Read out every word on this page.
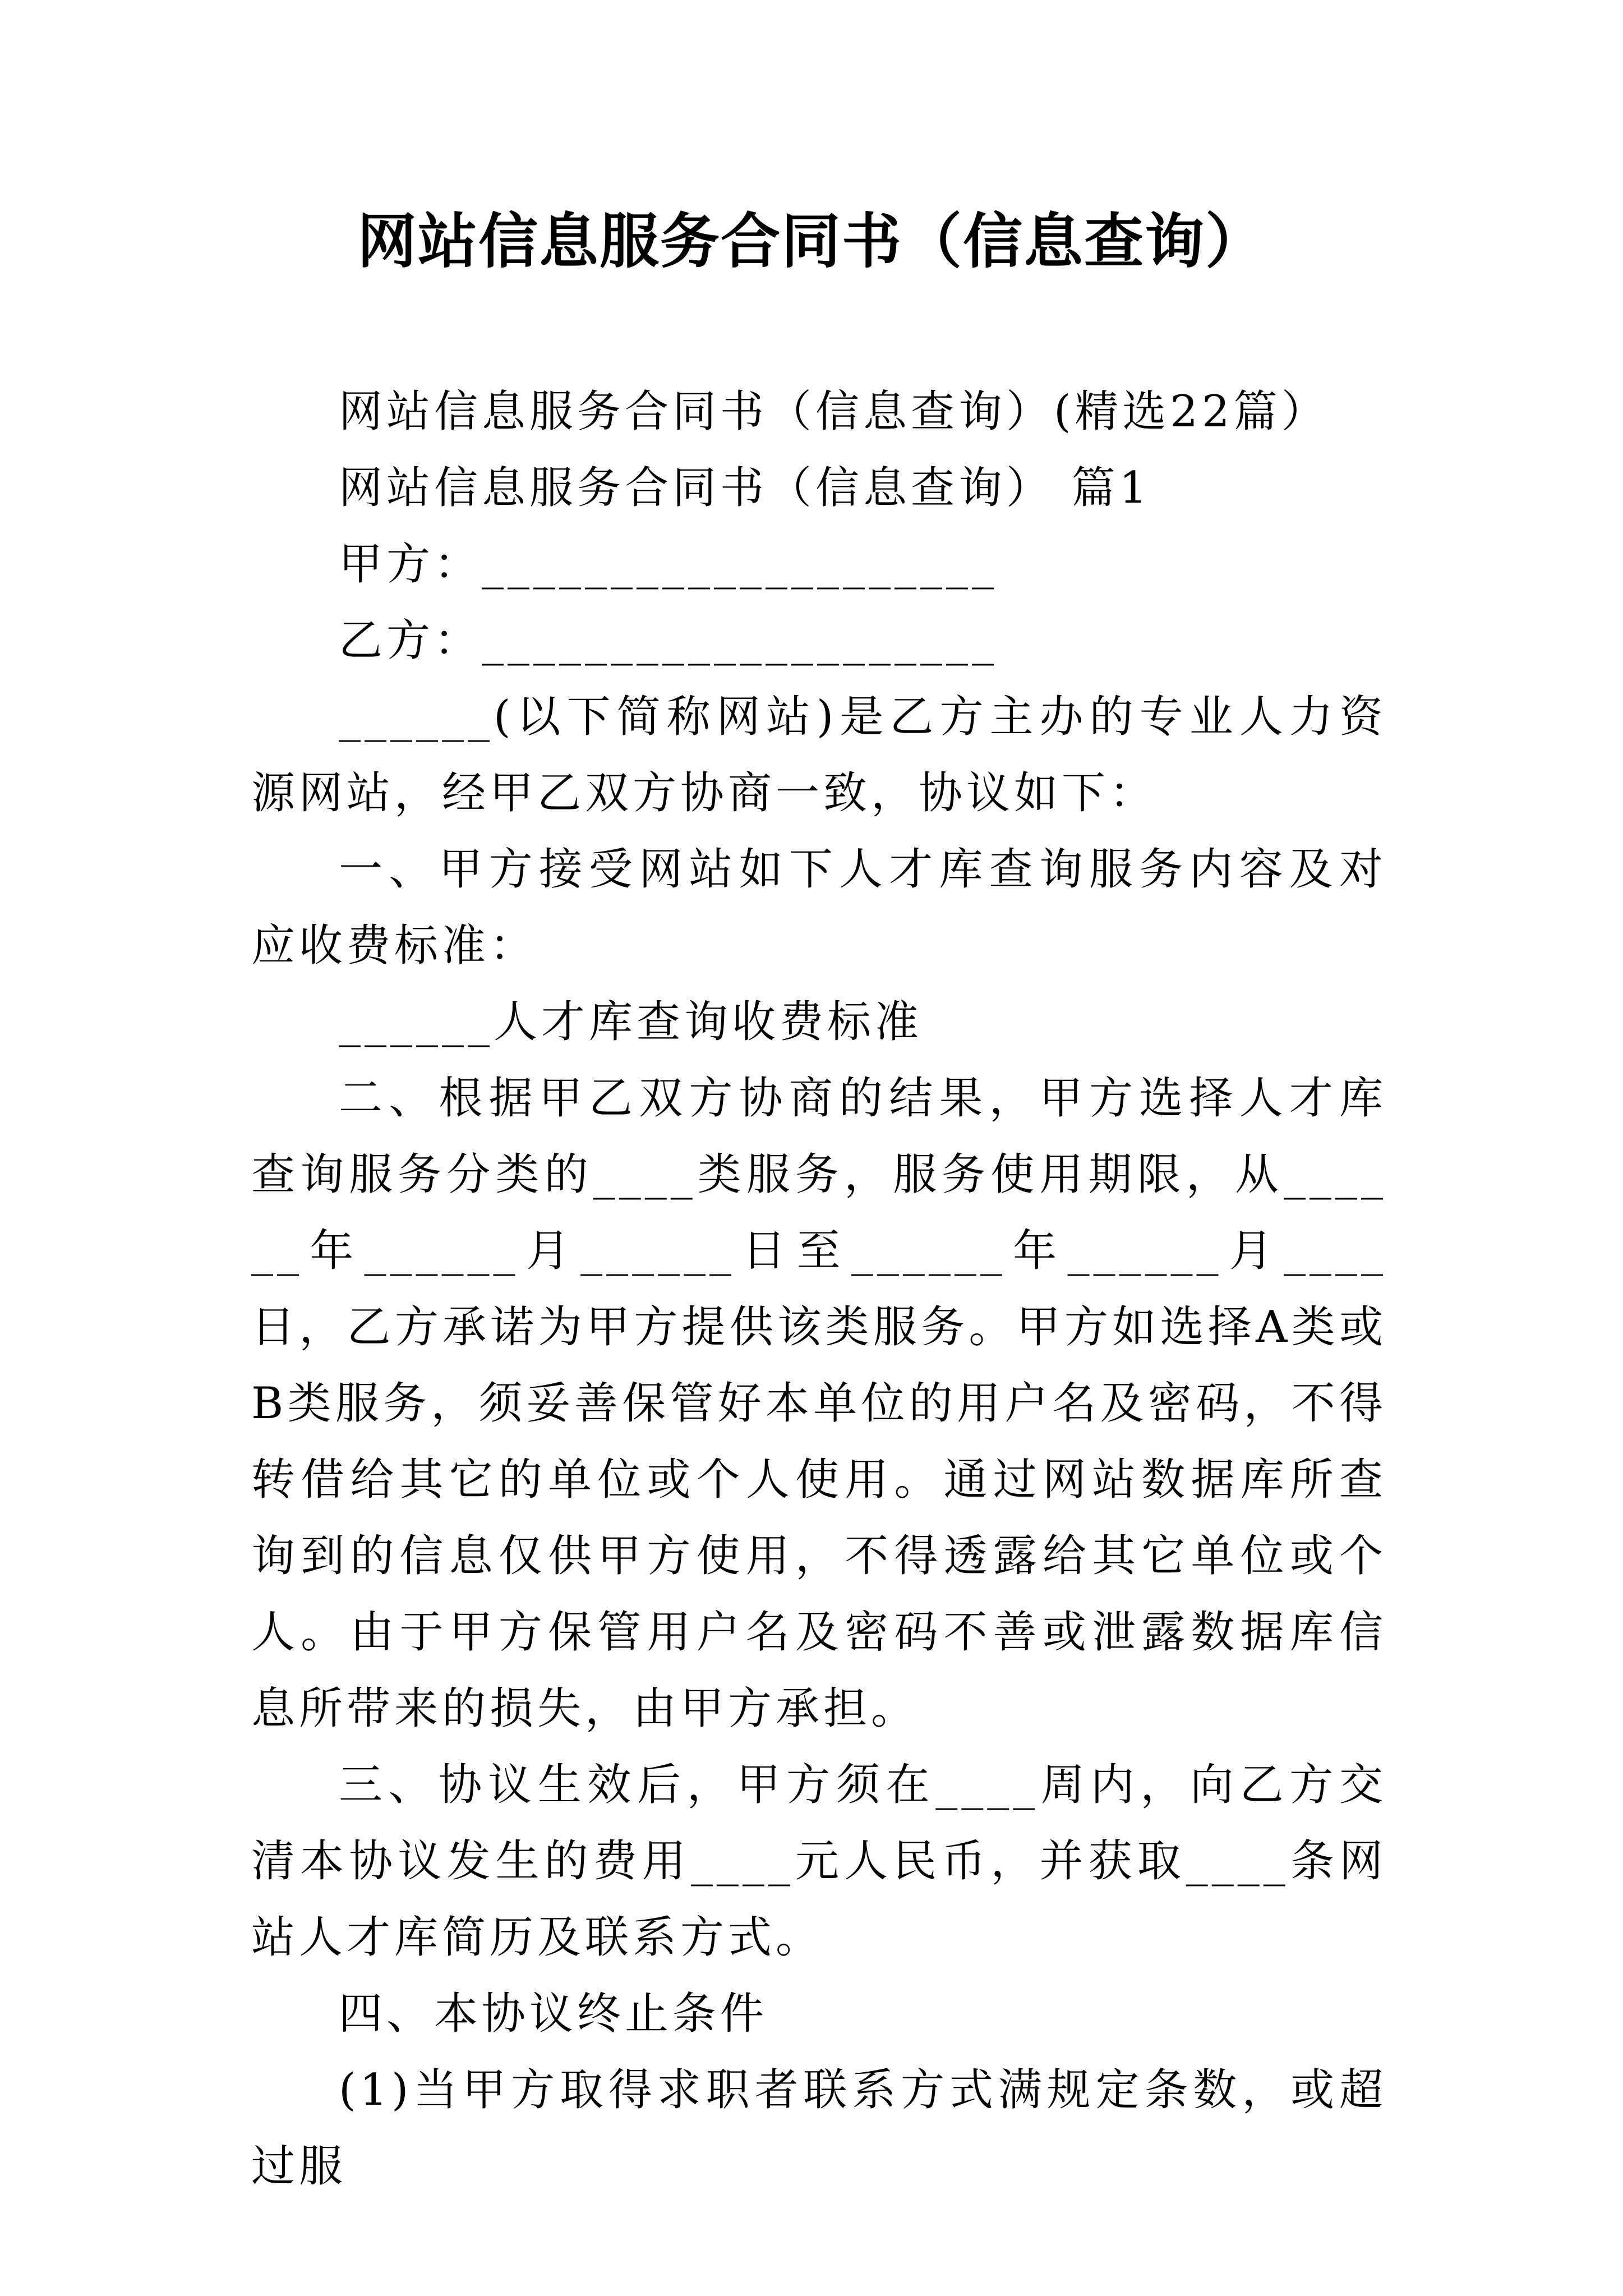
网站信息服务合同书（信息查询）

网站信息服务合同书（信息查询）(精选22篇）

网站信息服务合同书（信息查询） 篇1

甲方：____________________

乙方：____________________

______(以下简称网站)是乙方主办的专业人力资源网站，经甲乙双方协商一致，协议如下：

一、甲方接受网站如下人才库查询服务内容及对应收费标准：

______人才库查询收费标准

二、根据甲乙双方协商的结果，甲方选择人才库查询服务分类的____类服务，服务使用期限，从______年______月______日至______年______月____日，乙方承诺为甲方提供该类服务。甲方如选择A类或B类服务，须妥善保管好本单位的用户名及密码，不得转借给其它的单位或个人使用。通过网站数据库所查询到的信息仅供甲方使用，不得透露给其它单位或个人。由于甲方保管用户名及密码不善或泄露数据库信息所带来的损失，由甲方承担。

三、协议生效后，甲方须在____周内，向乙方交清本协议发生的费用____元人民币，并获取____条网站人才库简历及联系方式。

四、本协议终止条件

(1)当甲方取得求职者联系方式满规定条数，或超过服
